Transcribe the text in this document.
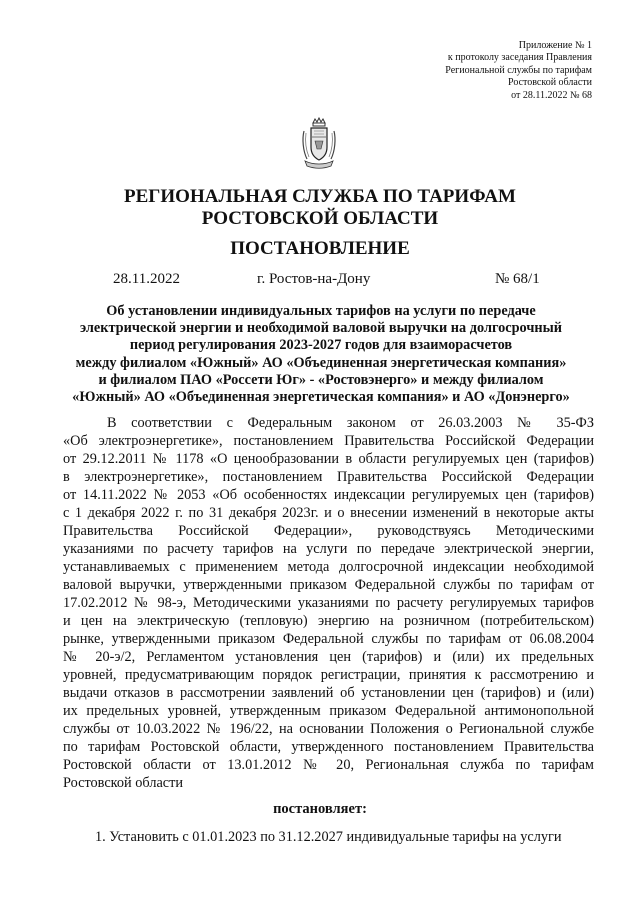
Приложение № 1
к протоколу заседания Правления
Региональной службы по тарифам
Ростовской области
от 28.11.2022 № 68
РЕГИОНАЛЬНАЯ СЛУЖБА ПО ТАРИФАМ
РОСТОВСКОЙ ОБЛАСТИ
ПОСТАНОВЛЕНИЕ
28.11.2022	г. Ростов-на-Дону	№ 68/1
Об установлении индивидуальных тарифов на услуги по передаче
электрической энергии и необходимой валовой выручки на долгосрочный
период регулирования 2023-2027 годов для взаиморасчетов
между филиалом «Южный» АО «Объединенная энергетическая компания»
и филиалом ПАО «Россети Юг» - «Ростовэнерго» и между филиалом
«Южный» АО «Объединенная энергетическая компания» и АО «Донэнерго»
В соответствии с Федеральным законом от 26.03.2003 № 35-ФЗ
«Об электроэнергетике», постановлением Правительства Российской Федерации
от 29.12.2011 № 1178 «О ценообразовании в области регулируемых цен (тарифов)
в электроэнергетике», постановлением Правительства Российской Федерации
от 14.11.2022 № 2053 «Об особенностях индексации регулируемых цен (тарифов)
с 1 декабря 2022 г. по 31 декабря 2023г. и о внесении изменений в некоторые акты
Правительства Российской Федерации», руководствуясь Методическими
указаниями по расчету тарифов на услуги по передаче электрической энергии,
устанавливаемых с применением метода долгосрочной индексации необходимой
валовой выручки, утвержденными приказом Федеральной службы по тарифам от
17.02.2012 № 98-э, Методическими указаниями по расчету регулируемых тарифов
и цен на электрическую (тепловую) энергию на розничном (потребительском)
рынке, утвержденными приказом Федеральной службы по тарифам от 06.08.2004
№ 20-э/2, Регламентом установления цен (тарифов) и (или) их предельных
уровней, предусматривающим порядок регистрации, принятия к рассмотрению и
выдачи отказов в рассмотрении заявлений об установлении цен (тарифов) и (или)
их предельных уровней, утвержденным приказом Федеральной антимонопольной
службы от 10.03.2022 № 196/22, на основании Положения о Региональной службе
по тарифам Ростовской области, утвержденного постановлением Правительства
Ростовской области от 13.01.2012 № 20, Региональная служба по тарифам
Ростовской области
постановляет:
1. Установить с 01.01.2023 по 31.12.2027 индивидуальные тарифы на услуги
